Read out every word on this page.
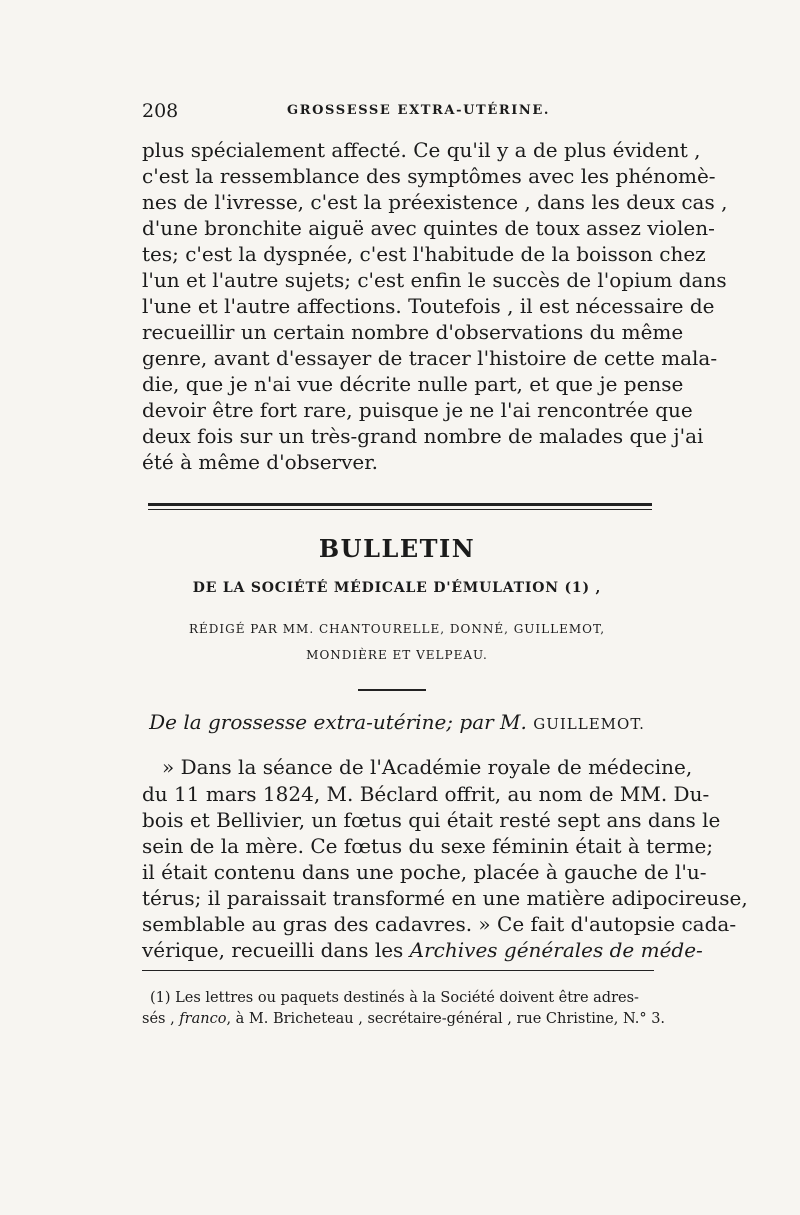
208	GROSSESSE EXTRA-UTÉRINE.
plus spécialement affecté. Ce qu'il y a de plus évident ,
c'est la ressemblance des symptômes avec les phénomè-
nes de l'ivresse, c'est la préexistence , dans les deux cas ,
d'une bronchite aiguë avec quintes de toux assez violen-
tes; c'est la dyspnée, c'est l'habitude de la boisson chez
l'un et l'autre sujets; c'est enfin le succès de l'opium dans
l'une et l'autre affections. Toutefois , il est nécessaire de
recueillir un certain nombre d'observations du même
genre, avant d'essayer de tracer l'histoire de cette mala-
die, que je n'ai vue décrite nulle part, et que je pense
devoir être fort rare, puisque je ne l'ai rencontrée que
deux fois sur un très-grand nombre de malades que j'ai
été à même d'observer.
BULLETIN
DE LA SOCIÉTÉ MÉDICALE D'ÉMULATION (1) ,
RÉDIGÉ PAR MM. CHANTOURELLE, DONNÉ, GUILLEMOT,
MONDIÈRE ET VELPEAU.
De la grossesse extra-utérine; par M. GUILLEMOT.
» Dans la séance de l'Académie royale de médecine,
du 11 mars 1824, M. Béclard offrit, au nom de MM. Du-
bois et Bellivier, un fœtus qui était resté sept ans dans le
sein de la mère. Ce fœtus du sexe féminin était à terme;
il était contenu dans une poche, placée à gauche de l'u-
térus; il paraissait transformé en une matière adipocireuse,
semblable au gras des cadavres. » Ce fait d'autopsie cada-
vérique, recueilli dans les Archives générales de méde-
(1) Les lettres ou paquets destinés à la Société doivent être adres-
sés , franco, à M. Bricheteau , secrétaire-général , rue Christine, N.° 3.
